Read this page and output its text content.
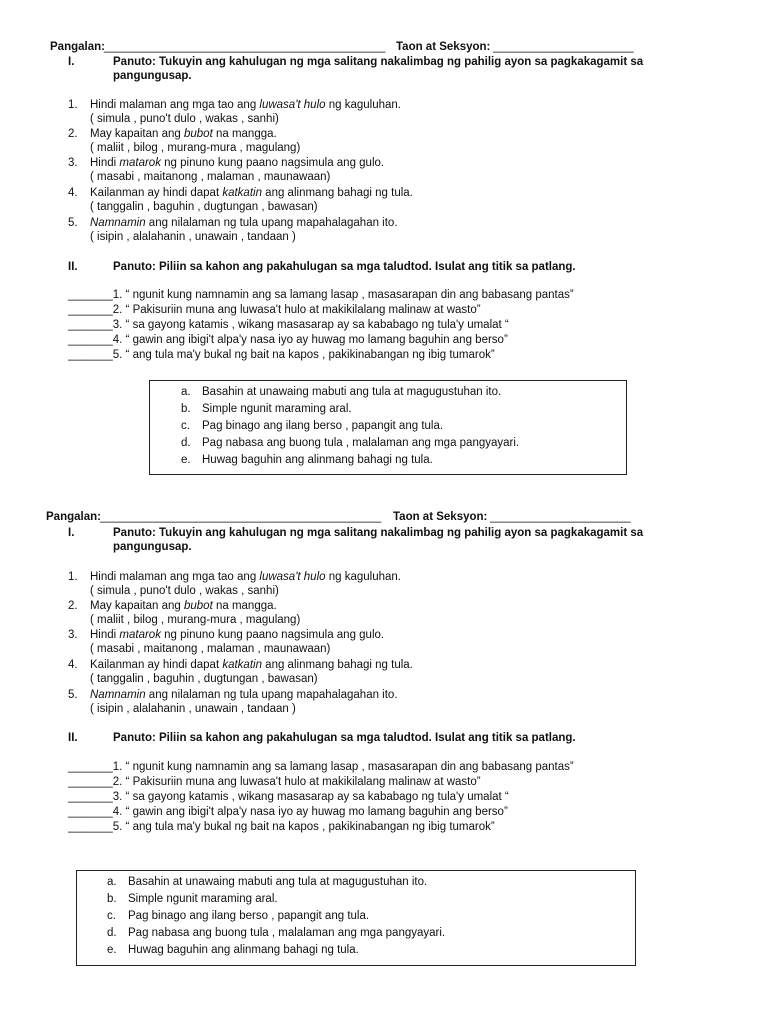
Pangalan: ____________________________________________ Taon at Seksyon: ______________________
I.	Panuto: Tukuyin ang kahulugan ng mga salitang nakalimbag ng pahilig ayon sa pagkakagamit sa
pangungusap.
1. Hindi malaman ang mga tao ang luwasa't hulo ng kaguluhan.
( simula , puno't dulo , wakas , sanhi)
2. May kapaitan ang bubot na mangga.
( maliit , bilog , murang-mura , magulang)
3. Hindi matarok ng pinuno kung paano nagsimula ang gulo.
( masabi , maitanong , malaman , maunawaan)
4. Kailanman ay hindi dapat katkatin ang alinmang bahagi ng tula.
( tanggalin , baguhin , dugtungan , bawasan)
5. Namnamin ang nilalaman ng tula upang mapahalagahan ito.
( isipin , alalahanin , unawain , tandaan )
II.	Panuto: Piliin sa kahon ang pakahulugan sa mga taludtod. Isulat ang titik sa patlang.
_______1. “ ngunit kung namnamin ang sa lamang lasap , masasarapan din ang babasang pantas”
_______2. “ Pakisuriin muna ang luwasa't hulo at makikilalang malinaw at wasto”
_______3. “ sa gayong katamis , wikang masasarap ay sa kababago ng tula'y umalat “
_______4. “ gawin ang ibigi't alpa'y nasa iyo ay huwag mo lamang baguhin ang berso”
_______5. “ ang tula ma'y bukal ng bait na kapos , pakikinabangan ng ibig tumarok”
a. Basahin at unawaing mabuti ang tula at magugustuhan ito.
b. Simple ngunit maraming aral.
c. Pag binago ang ilang berso , papangit ang tula.
d. Pag nabasa ang buong tula , malalaman ang mga pangyayari.
e. Huwag baguhin ang alinmang bahagi ng tula.
Pangalan: ____________________________________________ Taon at Seksyon: ______________________
I.	Panuto: Tukuyin ang kahulugan ng mga salitang nakalimbag ng pahilig ayon sa pagkakagamit sa
pangungusap.
1. Hindi malaman ang mga tao ang luwasa't hulo ng kaguluhan.
( simula , puno't dulo , wakas , sanhi)
2. May kapaitan ang bubot na mangga.
( maliit , bilog , murang-mura , magulang)
3. Hindi matarok ng pinuno kung paano nagsimula ang gulo.
( masabi , maitanong , malaman , maunawaan)
4. Kailanman ay hindi dapat katkatin ang alinmang bahagi ng tula.
( tanggalin , baguhin , dugtungan , bawasan)
5. Namnamin ang nilalaman ng tula upang mapahalagahan ito.
( isipin , alalahanin , unawain , tandaan )
II.	Panuto: Piliin sa kahon ang pakahulugan sa mga taludtod. Isulat ang titik sa patlang.
_______1. “ ngunit kung namnamin ang sa lamang lasap , masasarapan din ang babasang pantas”
_______2. “ Pakisuriin muna ang luwasa't hulo at makikilalang malinaw at wasto”
_______3. “ sa gayong katamis , wikang masasarap ay sa kababago ng tula'y umalat “
_______4. “ gawin ang ibigi't alpa'y nasa iyo ay huwag mo lamang baguhin ang berso”
_______5. “ ang tula ma'y bukal ng bait na kapos , pakikinabangan ng ibig tumarok”
a. Basahin at unawaing mabuti ang tula at magugustuhan ito.
b. Simple ngunit maraming aral.
c. Pag binago ang ilang berso , papangit ang tula.
d. Pag nabasa ang buong tula , malalaman ang mga pangyayari.
e. Huwag baguhin ang alinmang bahagi ng tula.
